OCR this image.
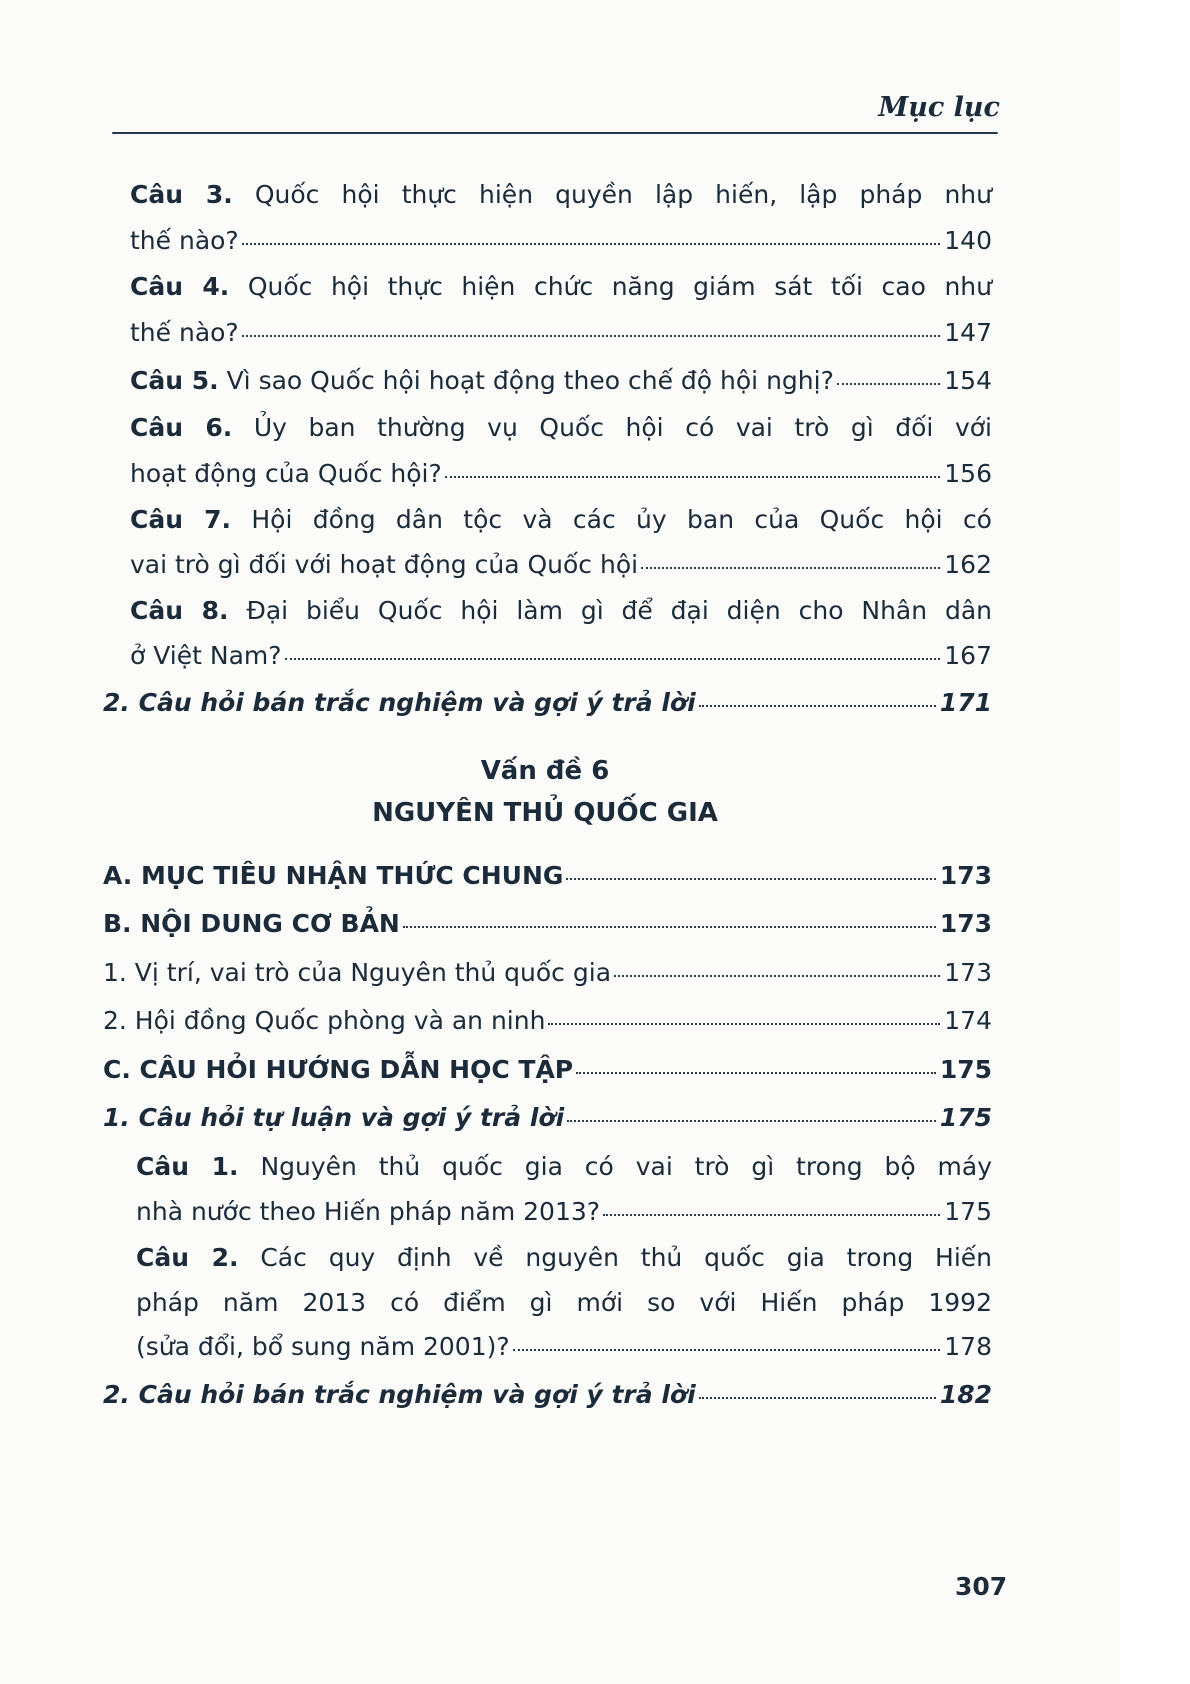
Mục lục
Câu 3. Quốc hội thực hiện quyền lập hiến, lập pháp như
thế nào?	140
Câu 4. Quốc hội thực hiện chức năng giám sát tối cao như
thế nào?	147
Câu 5. Vì sao Quốc hội hoạt động theo chế độ hội nghị?	154
Câu 6. Ủy ban thường vụ Quốc hội có vai trò gì đối với
hoạt động của Quốc hội?	156
Câu 7. Hội đồng dân tộc và các ủy ban của Quốc hội có
vai trò gì đối với hoạt động của Quốc hội	162
Câu 8. Đại biểu Quốc hội làm gì để đại diện cho Nhân dân
ở Việt Nam?	167
2. Câu hỏi bán trắc nghiệm và gợi ý trả lời	171
Vấn đề 6
NGUYÊN THỦ QUỐC GIA
A. MỤC TIÊU NHẬN THỨC CHUNG	173
B. NỘI DUNG CƠ BẢN	173
1. Vị trí, vai trò của Nguyên thủ quốc gia	173
2. Hội đồng Quốc phòng và an ninh	174
C. CÂU HỎI HƯỚNG DẪN HỌC TẬP	175
1. Câu hỏi tự luận và gợi ý trả lời	175
Câu 1. Nguyên thủ quốc gia có vai trò gì trong bộ máy
nhà nước theo Hiến pháp năm 2013?	175
Câu 2. Các quy định về nguyên thủ quốc gia trong Hiến
pháp năm 2013 có điểm gì mới so với Hiến pháp 1992
(sửa đổi, bổ sung năm 2001)?	178
2. Câu hỏi bán trắc nghiệm và gợi ý trả lời	182
307
